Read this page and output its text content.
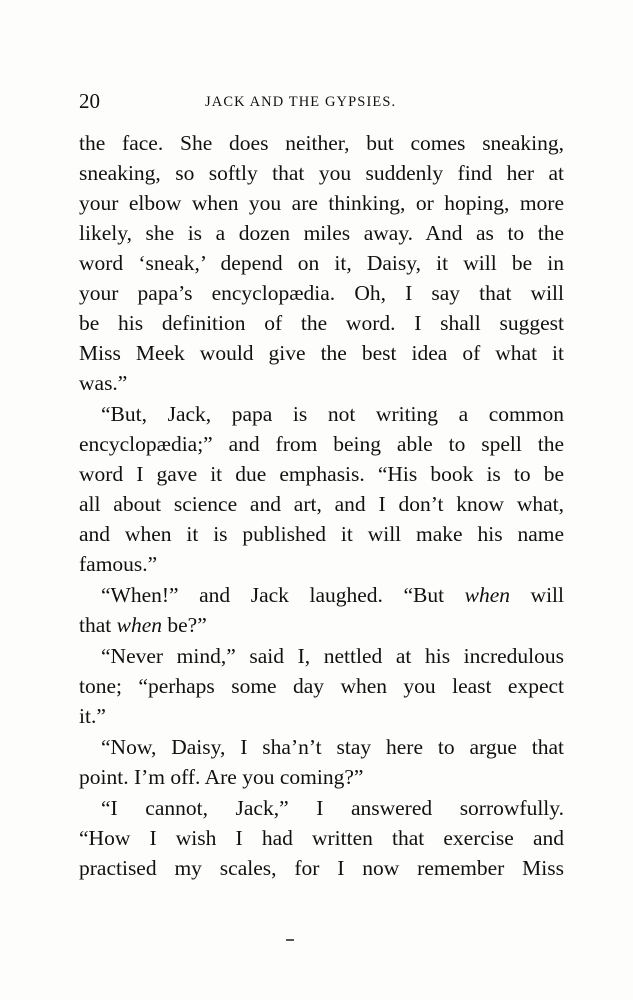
20	JACK AND THE GYPSIES.
the face. She does neither, but comes sneaking,
sneaking, so softly that you suddenly find her at
your elbow when you are thinking, or hoping, more
likely, she is a dozen miles away. And as to the
word ‘sneak,’ depend on it, Daisy, it will be in
your papa’s encyclopædia. Oh, I say that will
be his definition of the word. I shall suggest
Miss Meek would give the best idea of what it
was.”
“But, Jack, papa is not writing a common
encyclopædia;” and from being able to spell the
word I gave it due emphasis. “His book is to be
all about science and art, and I don’t know what,
and when it is published it will make his name
famous.”
“When!” and Jack laughed. “But when will
that when be?”
“Never mind,” said I, nettled at his incredulous
tone; “perhaps some day when you least expect
it.”
“Now, Daisy, I sha’n’t stay here to argue that
point. I’m off. Are you coming?”
“I cannot, Jack,” I answered sorrowfully.
“How I wish I had written that exercise and
practised my scales, for I now remember Miss
